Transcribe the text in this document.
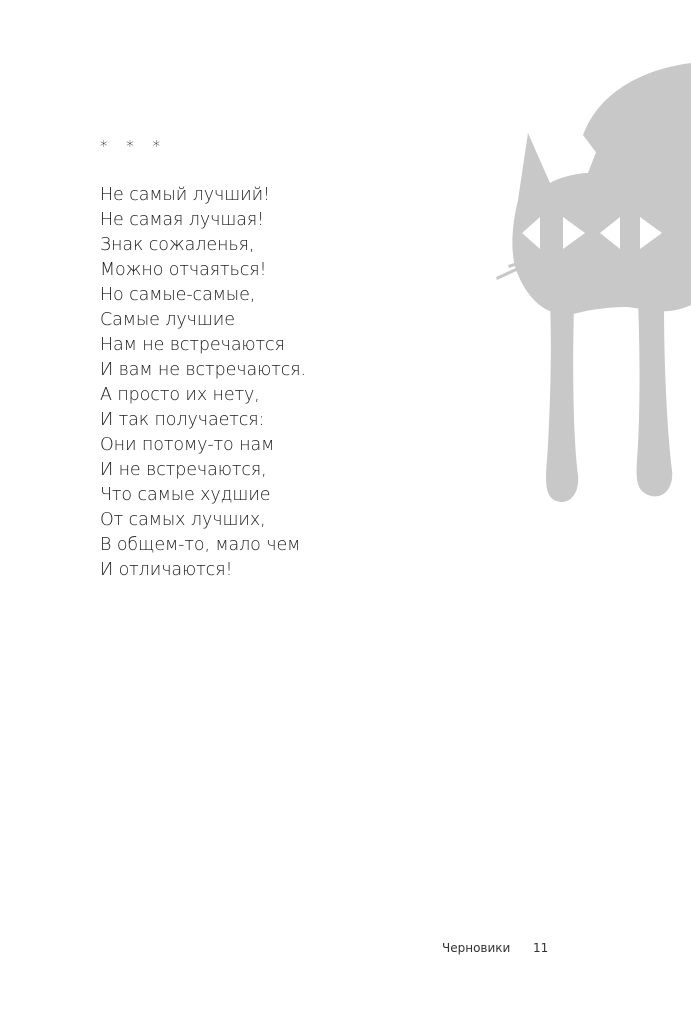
* * *
Не самый лучший!
Не самая лучшая!
Знак сожаленья,
Можно отчаяться!
Но самые-самые,
Самые лучшие
Нам не встречаются
И вам не встречаются.
А просто их нету,
И так получается:
Они потому-то нам
И не встречаются,
Что самые худшие
От самых лучших,
В общем-то, мало чем
И отличаются!
Черновики 11
